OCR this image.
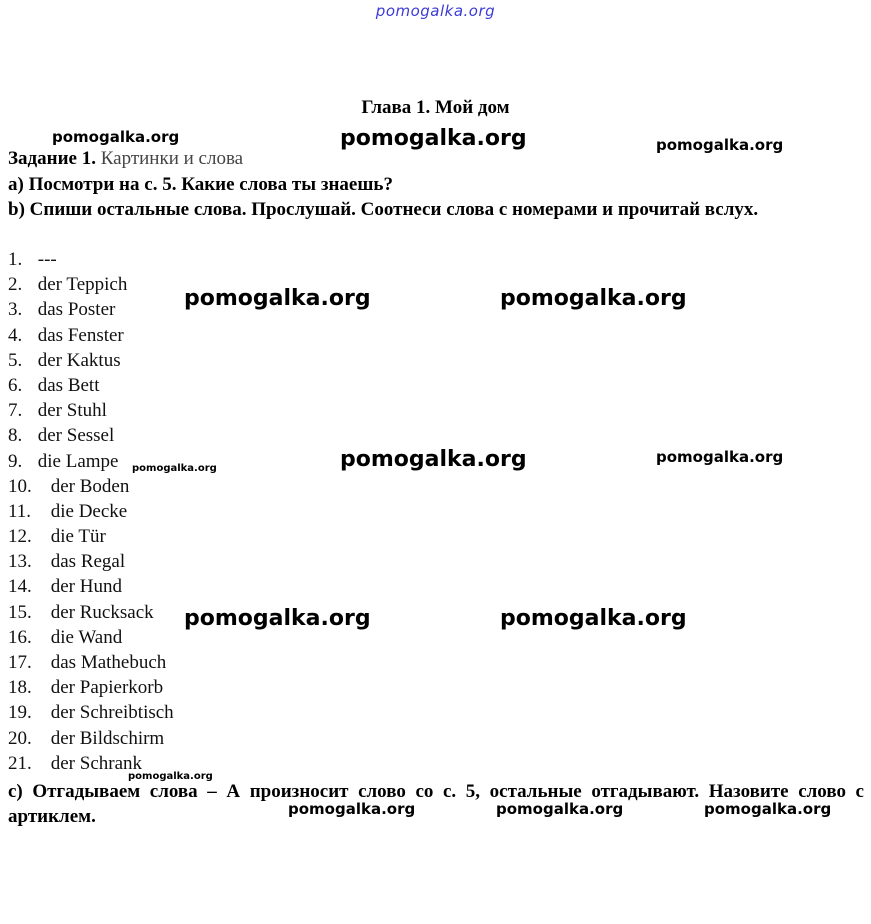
pomogalka.org
Глава 1. Мой дом
Задание 1. Картинки и слова
а) Посмотри на с. 5. Какие слова ты знаешь?
b) Спиши остальные слова. Прослушай. Соотнеси слова с номерами и прочитай вслух.
1. ---
2. der Teppich
3. das Poster
4. das Fenster
5. der Kaktus
6. das Bett
7. der Stuhl
8. der Sessel
9. die Lampe
10. der Boden
11. die Decke
12. die Tür
13. das Regal
14. der Hund
15. der Rucksack
16. die Wand
17. das Mathebuch
18. der Papierkorb
19. der Schreibtisch
20. der Bildschirm
21. der Schrank
с) Отгадываем слова – А произносит слово со с. 5, остальные отгадывают. Назовите слово с артиклем.
pomogalka.org	pomogalka.org	pomogalka.org
pomogalka.org	pomogalka.org
pomogalka.org	pomogalka.org	pomogalka.org
pomogalka.org	pomogalka.org
pomogalka.org
pomogalka.org	pomogalka.org	pomogalka.org
